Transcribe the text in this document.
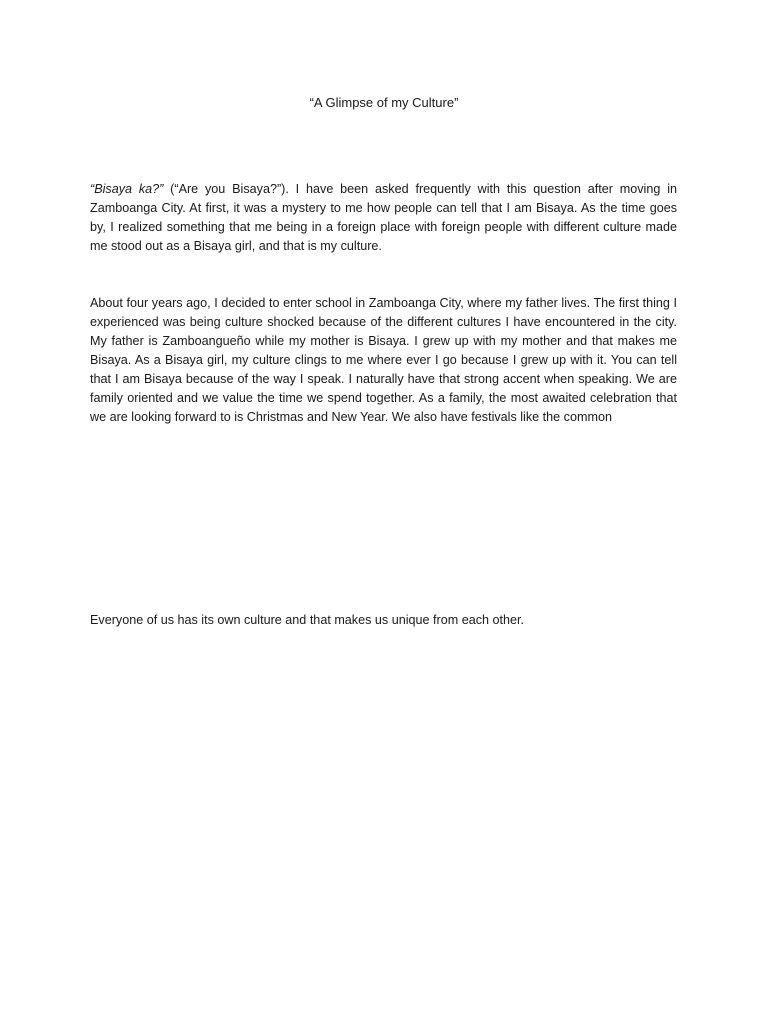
“A Glimpse of my Culture”

“Bisaya ka?” (“Are you Bisaya?”). I have been asked frequently with this question after moving in Zamboanga City. At first, it was a mystery to me how people can tell that I am Bisaya. As the time goes by, I realized something that me being in a foreign place with foreign people with different culture made me stood out as a Bisaya girl, and that is my culture.

About four years ago, I decided to enter school in Zamboanga City, where my father lives. The first thing I experienced was being culture shocked because of the different cultures I have encountered in the city. My father is Zamboangueño while my mother is Bisaya. I grew up with my mother and that makes me Bisaya. As a Bisaya girl, my culture clings to me where ever I go because I grew up with it. You can tell that I am Bisaya because of the way I speak. I naturally have that strong accent when speaking. We are family oriented and we value the time we spend together. As a family, the most awaited celebration that we are looking forward to is Christmas and New Year. We also have festivals like the common

Everyone of us has its own culture and that makes us unique from each other.
